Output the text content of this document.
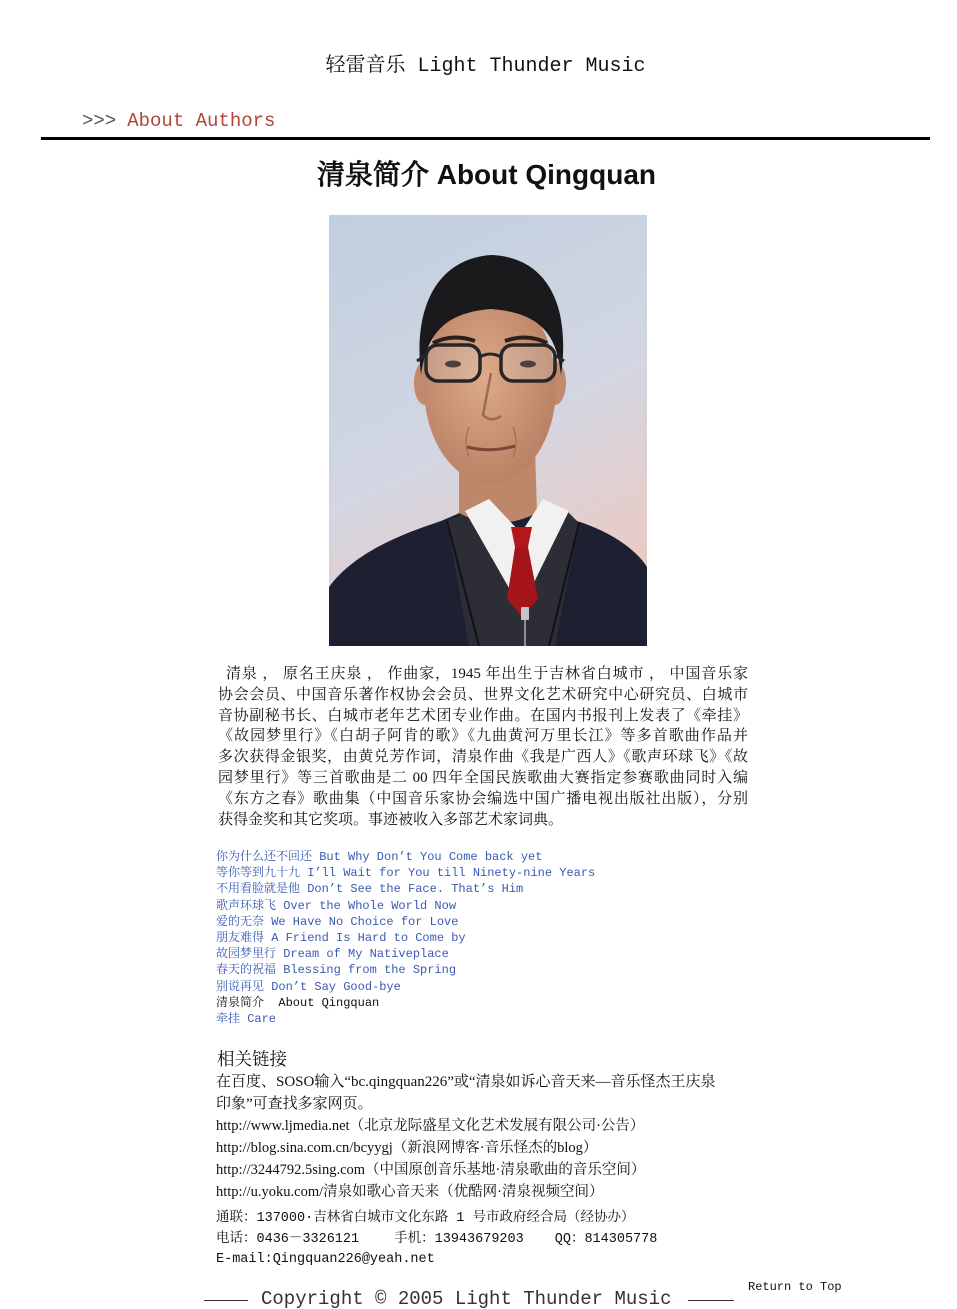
轻雷音乐 Light Thunder Music
>>> About Authors
清泉简介 About Qingquan
清泉 ， 原名王庆泉 ， 作曲家，1945 年出生于吉林省白城市 ， 中国音乐家
协会会员、中国音乐著作权协会会员、世界文化艺术研究中心研究员、白城市
音协副秘书长、白城市老年艺术团专业作曲。在国内书报刊上发表了《牵挂》
《故园梦里行》《白胡子阿肯的歌》《九曲黄河万里长江》等多首歌曲作品并
多次获得金银奖，由黄兑芳作词，清泉作曲《我是广西人》《歌声环球飞》《故
园梦里行》等三首歌曲是二 00 四年全国民族歌曲大赛指定参赛歌曲同时入编
《东方之春》歌曲集（中国音乐家协会编选中国广播电视出版社出版），分别
获得金奖和其它奖项。事迹被收入多部艺术家词典。
你为什么还不回还 But Why Don’t You Come back yet
等你等到九十九 I’ll Wait for You till Ninety-nine Years
不用看脸就是他 Don’t See the Face. That’s Him
歌声环球飞 Over the Whole World Now
爱的无奈 We Have No Choice for Love
朋友难得 A Friend Is Hard to Come by
故园梦里行 Dream of My Nativeplace
春天的祝福 Blessing from the Spring
别说再见 Don’t Say Good-bye
清泉简介  About Qingquan
牵挂 Care
相关链接
在百度、SOSO输入“bc.qingquan226”或“清泉如诉心音天来—音乐怪杰王庆泉
印象”可查找多家网页。
http://www.ljmedia.net（北京龙际盛星文化艺术发展有限公司·公告）
http://blog.sina.com.cn/bcyygj（新浪网博客·音乐怪杰的blog）
http://3244792.5sing.com（中国原创音乐基地·清泉歌曲的音乐空间）
http://u.yoku.com/清泉如歌心音天来（优酷网·清泉视频空间）
通联：137000·吉林省白城市文化东路 1 号市政府经合局（经协办）
电话：0436－3326121	手机：13943679203 QQ：814305778
E-mail:Qingquan226@yeah.net
Return to Top
Copyright © 2005 Light Thunder Music
